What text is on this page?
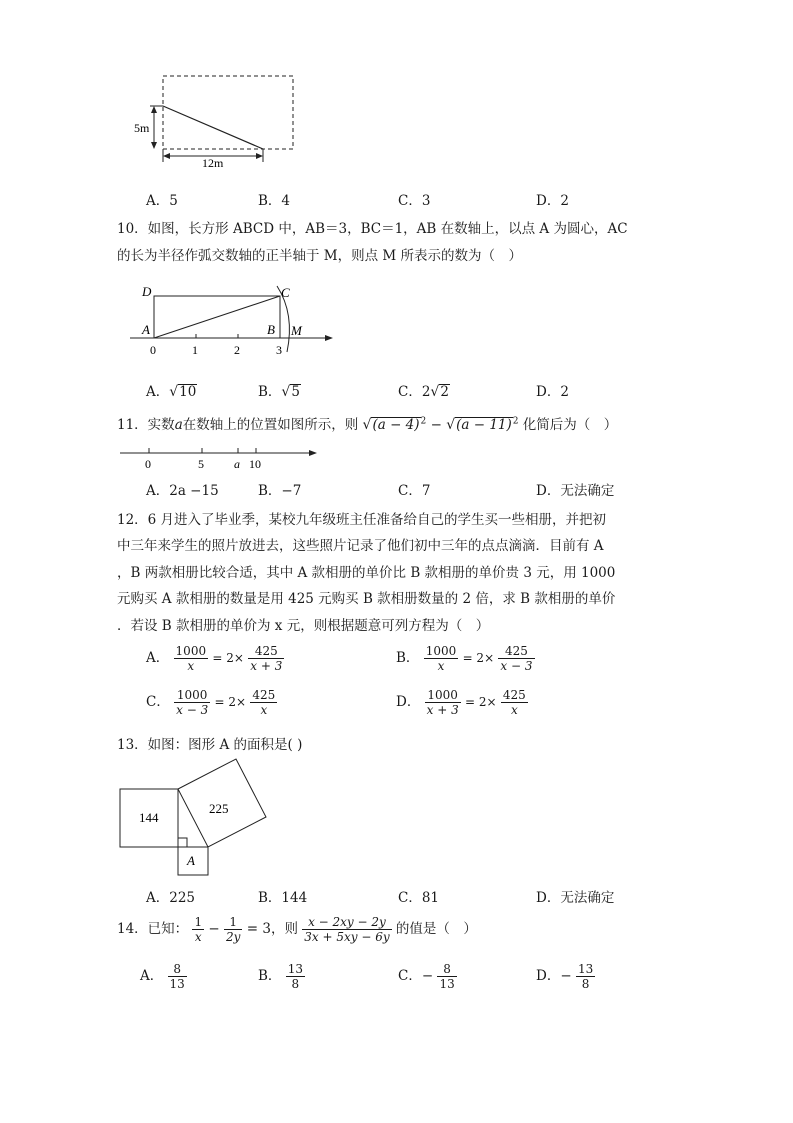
5m
12m
A．5	B．4	C．3	D．2
10．如图，长方形 ABCD 中，AB＝3，BC＝1，AB 在数轴上，以点 A 为圆心，AC
的长为半径作弧交数轴的正半轴于 M，则点 M 所表示的数为（　）
D	C
A	B M
0	1	2	3
A．√10	B．√5	C．2√2	D．2
11．实数a在数轴上的位置如图所示，则 $√(a - 4)^2 - √(a - 11)^2$ 化简后为（　）
0	5	a 10
A．2a −15	B．−7	C．7	D．无法确定
12．6 月进入了毕业季，某校九年级班主任准备给自己的学生买一些相册，并把初
中三年来学生的照片放进去，这些照片记录了他们初中三年的点点滴滴．目前有 A
，B 两款相册比较合适，其中 A 款相册的单价比 B 款相册的单价贵 3 元，用 1000
元购买 A 款相册的数量是用 425 元购买 B 款相册数量的 2 倍，求 B 款相册的单价
．若设 B 款相册的单价为 x 元，则根据题意可列方程为（　）
A． $\frac{1000}{x} = 2\times \frac{425}{x + 3}$	B． $\frac{1000}{x} = 2\times \frac{425}{x - 3}$
C． $\frac{1000}{x - 3} = 2\times \frac{425}{x}$	D． $\frac{1000}{x + 3} = 2\times \frac{425}{x}$
13．如图：图形 A 的面积是( )
144
225
A
A．225	B．144	C．81	D．无法确定
14．已知： $\frac{1}{x} - \frac{1}{2y} = 3$，则 $\frac{x - 2xy - 2y}{3x + 5xy - 6y}$ 的值是（　）
A． $\frac{8}{13}$	B． $\frac{13}{8}$	C．− $\frac{8}{13}$	D．− $\frac{13}{8}$
